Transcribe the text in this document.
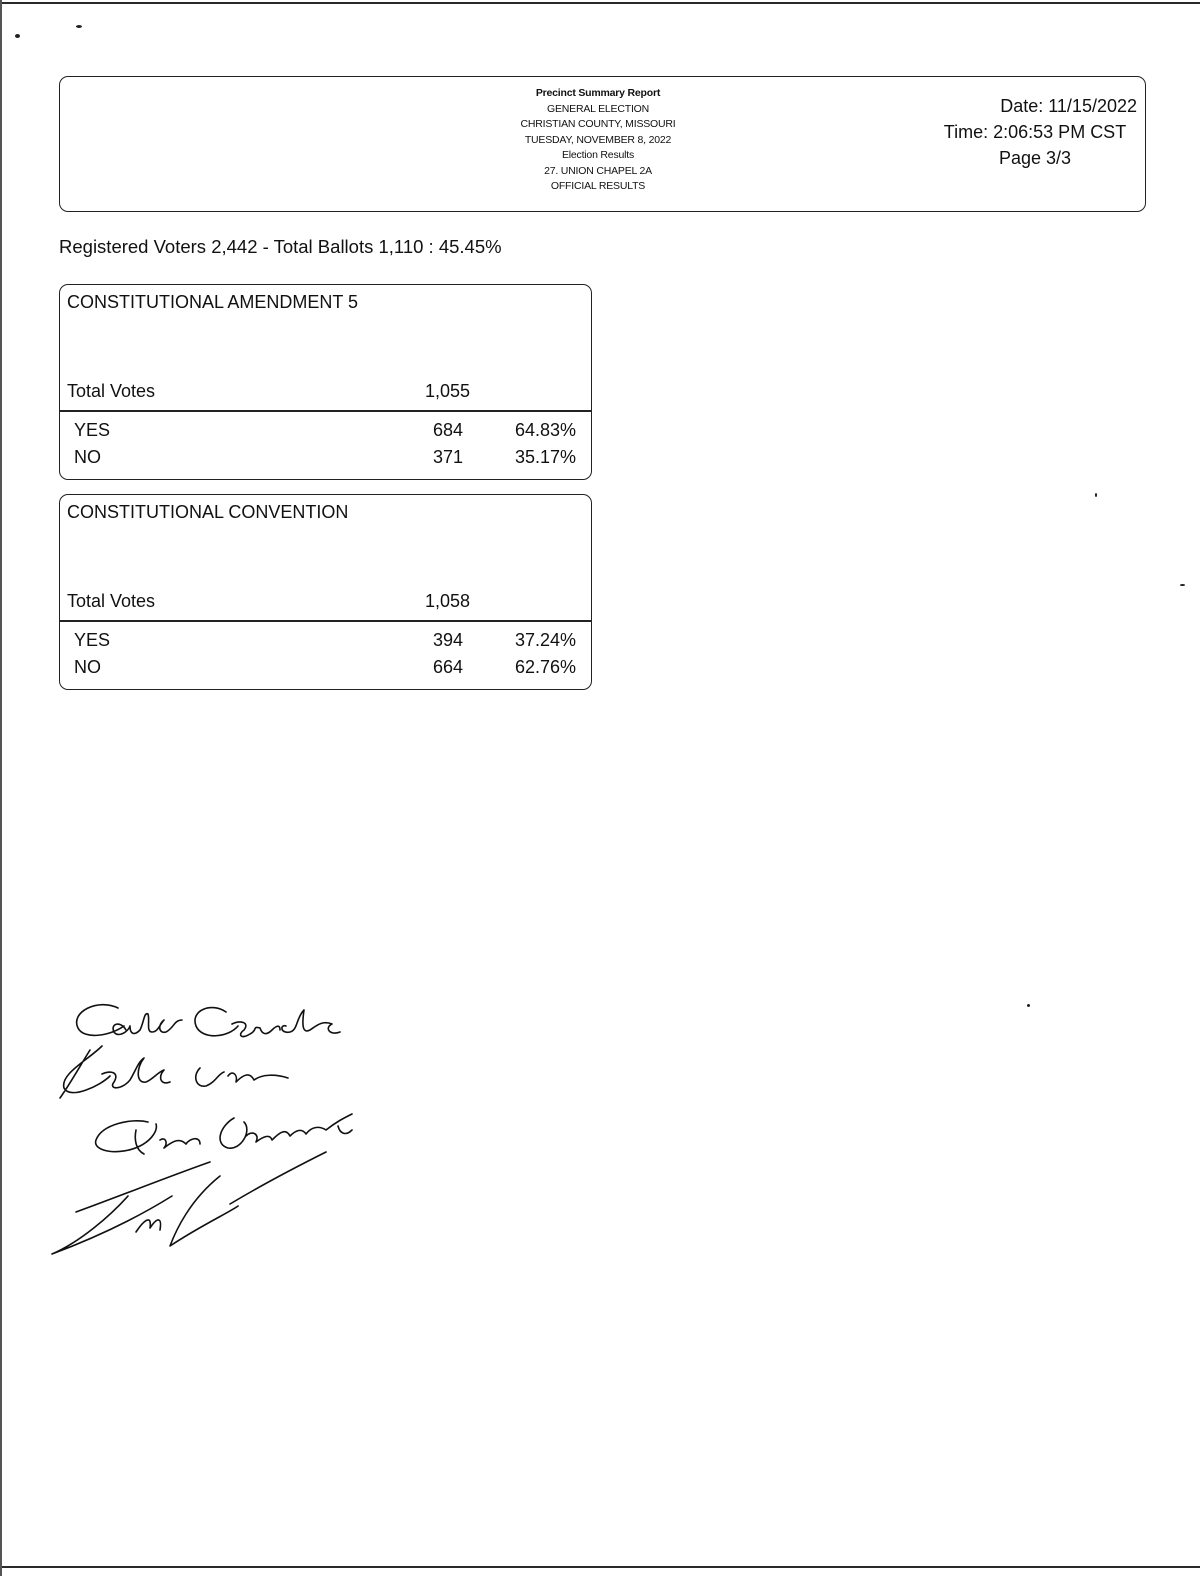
Precinct Summary Report
GENERAL ELECTION
CHRISTIAN COUNTY, MISSOURI
TUESDAY, NOVEMBER 8, 2022
Election Results
27. UNION CHAPEL 2A
OFFICIAL RESULTS
Date: 11/15/2022
Time: 2:06:53 PM CST
Page 3/3
Registered Voters 2,442 - Total Ballots 1,110 : 45.45%
CONSTITUTIONAL AMENDMENT 5
Total Votes	1,055
YES	684	64.83%
NO	371	35.17%
CONSTITUTIONAL CONVENTION
Total Votes	1,058
YES	394	37.24%
NO	664	62.76%
